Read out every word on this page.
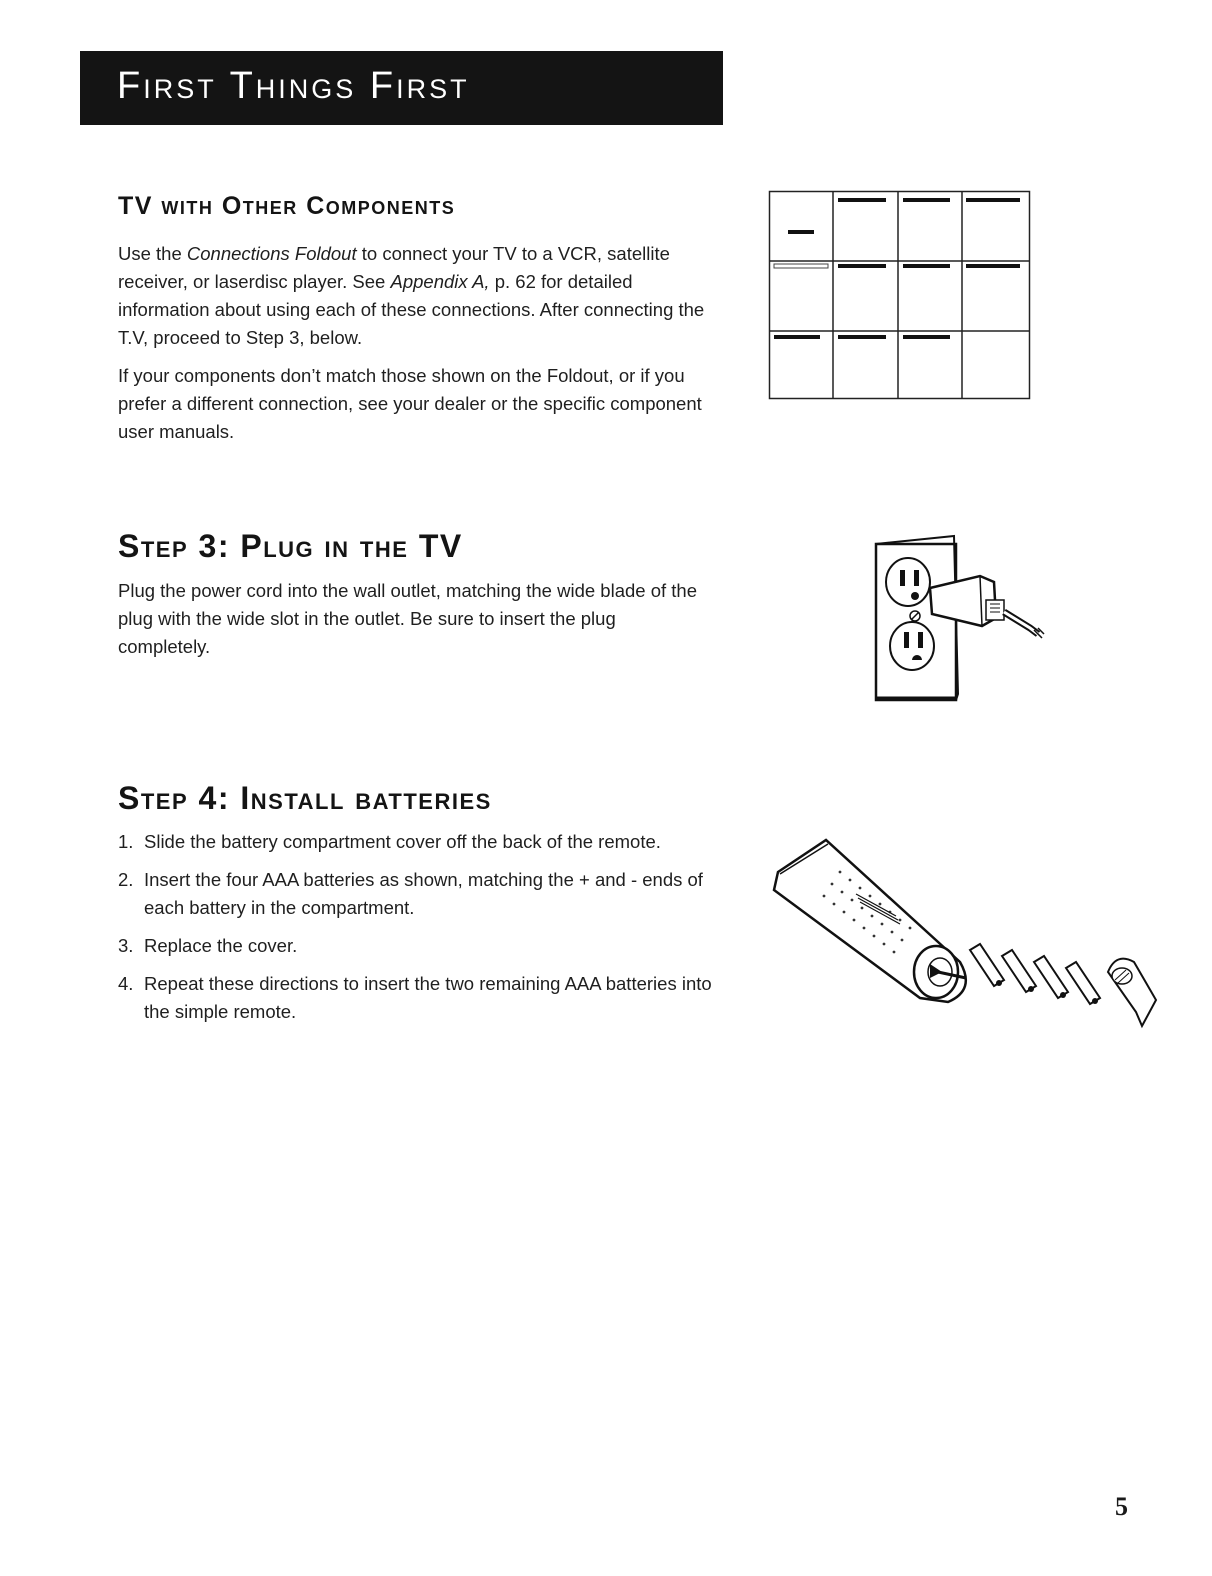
First Things First
TV with Other Components

Use the Connections Foldout to connect your TV to a VCR, satellite receiver, or laserdisc player. See Appendix A, p. 62 for detailed information about using each of these connections. After connecting the T.V, proceed to Step 3, below.

If your components don’t match those shown on the Foldout, or if you prefer a different connection, see your dealer or the specific component user manuals.

Step 3: Plug in the TV

Plug the power cord into the wall outlet, matching the wide blade of the plug with the wide slot in the outlet. Be sure to insert the plug completely.

Step 4: Install batteries
1. Slide the battery compartment cover off the back of the remote.
2. Insert the four AAA batteries as shown, matching the + and - ends of each battery in the compartment.
3. Replace the cover.
4. Repeat these directions to insert the two remaining AAA batteries into the simple remote.
5
